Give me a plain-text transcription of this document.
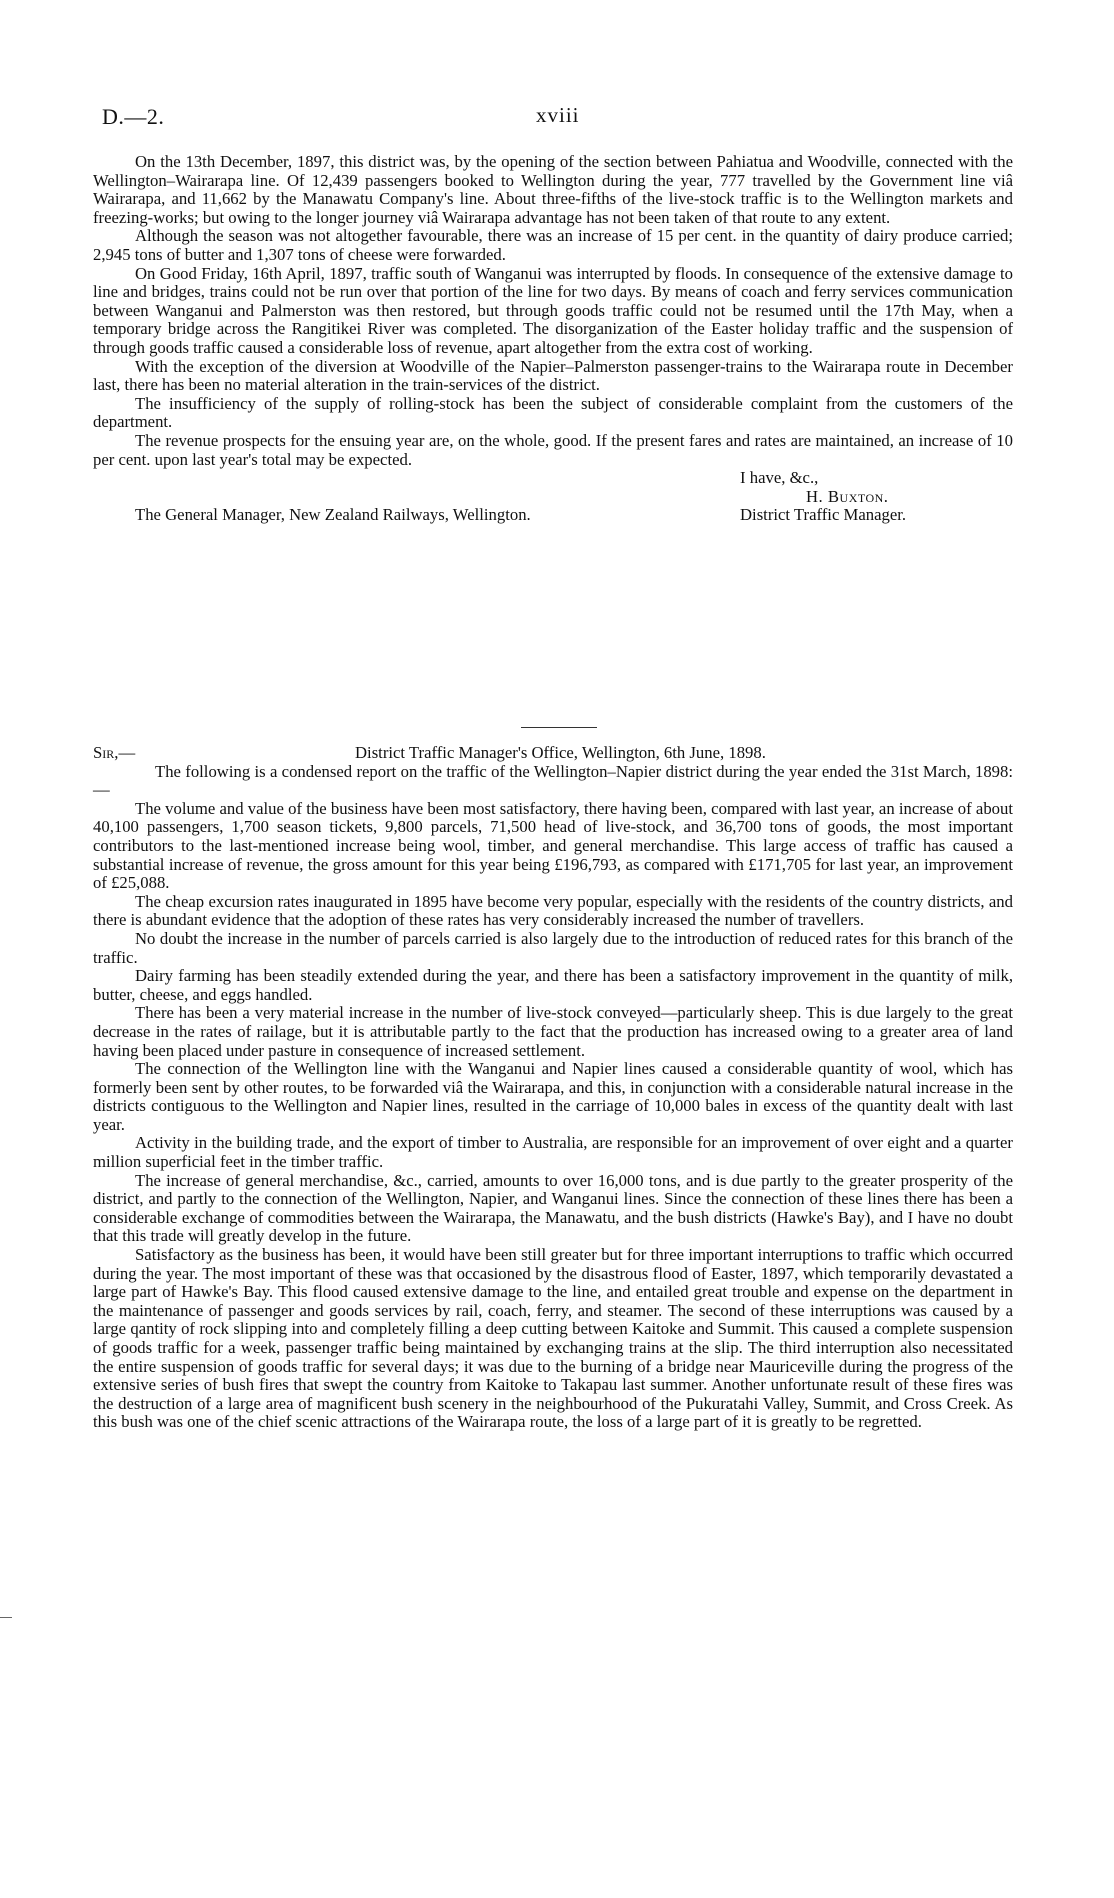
D.—2.	xviii

On the 13th December, 1897, this district was, by the opening of the section between Pahiatua and Woodville, connected with the Wellington–Wairarapa line. Of 12,439 passengers booked to Wellington during the year, 777 travelled by the Government line viâ Wairarapa, and 11,662 by the Manawatu Company's line. About three-fifths of the live-stock traffic is to the Wellington markets and freezing-works; but owing to the longer journey viâ Wairarapa advantage has not been taken of that route to any extent.

Although the season was not altogether favourable, there was an increase of 15 per cent. in the quantity of dairy produce carried; 2,945 tons of butter and 1,307 tons of cheese were forwarded.

On Good Friday, 16th April, 1897, traffic south of Wanganui was interrupted by floods. In consequence of the extensive damage to line and bridges, trains could not be run over that portion of the line for two days. By means of coach and ferry services communication between Wanganui and Palmerston was then restored, but through goods traffic could not be resumed until the 17th May, when a temporary bridge across the Rangitikei River was completed. The disorganization of the Easter holiday traffic and the suspension of through goods traffic caused a considerable loss of revenue, apart altogether from the extra cost of working.

With the exception of the diversion at Woodville of the Napier–Palmerston passenger-trains to the Wairarapa route in December last, there has been no material alteration in the train-services of the district.

The insufficiency of the supply of rolling-stock has been the subject of considerable complaint from the customers of the department.

The revenue prospects for the ensuing year are, on the whole, good. If the present fares and rates are maintained, an increase of 10 per cent. upon last year's total may be expected.

I have, &c.,
H. Buxton.
The General Manager, New Zealand Railways, Wellington.	District Traffic Manager.
Sir,—	District Traffic Manager's Office, Wellington, 6th June, 1898.

The following is a condensed report on the traffic of the Wellington–Napier district during the year ended the 31st March, 1898:—

The volume and value of the business have been most satisfactory, there having been, compared with last year, an increase of about 40,100 passengers, 1,700 season tickets, 9,800 parcels, 71,500 head of live-stock, and 36,700 tons of goods, the most important contributors to the last-mentioned increase being wool, timber, and general merchandise. This large access of traffic has caused a substantial increase of revenue, the gross amount for this year being £196,793, as compared with £171,705 for last year, an improvement of £25,088.

The cheap excursion rates inaugurated in 1895 have become very popular, especially with the residents of the country districts, and there is abundant evidence that the adoption of these rates has very considerably increased the number of travellers.

No doubt the increase in the number of parcels carried is also largely due to the introduction of reduced rates for this branch of the traffic.

Dairy farming has been steadily extended during the year, and there has been a satisfactory improvement in the quantity of milk, butter, cheese, and eggs handled.

There has been a very material increase in the number of live-stock conveyed—particularly sheep. This is due largely to the great decrease in the rates of railage, but it is attributable partly to the fact that the production has increased owing to a greater area of land having been placed under pasture in consequence of increased settlement.

The connection of the Wellington line with the Wanganui and Napier lines caused a considerable quantity of wool, which has formerly been sent by other routes, to be forwarded viâ the Wairarapa, and this, in conjunction with a considerable natural increase in the districts contiguous to the Wellington and Napier lines, resulted in the carriage of 10,000 bales in excess of the quantity dealt with last year.

Activity in the building trade, and the export of timber to Australia, are responsible for an improvement of over eight and a quarter million superficial feet in the timber traffic.

The increase of general merchandise, &c., carried, amounts to over 16,000 tons, and is due partly to the greater prosperity of the district, and partly to the connection of the Wellington, Napier, and Wanganui lines. Since the connection of these lines there has been a considerable exchange of commodities between the Wairarapa, the Manawatu, and the bush districts (Hawke's Bay), and I have no doubt that this trade will greatly develop in the future.

Satisfactory as the business has been, it would have been still greater but for three important interruptions to traffic which occurred during the year. The most important of these was that occasioned by the disastrous flood of Easter, 1897, which temporarily devastated a large part of Hawke's Bay. This flood caused extensive damage to the line, and entailed great trouble and expense on the department in the maintenance of passenger and goods services by rail, coach, ferry, and steamer. The second of these interruptions was caused by a large qantity of rock slipping into and completely filling a deep cutting between Kaitoke and Summit. This caused a complete suspension of goods traffic for a week, passenger traffic being maintained by exchanging trains at the slip. The third interruption also necessitated the entire suspension of goods traffic for several days; it was due to the burning of a bridge near Mauriceville during the progress of the extensive series of bush fires that swept the country from Kaitoke to Takapau last summer. Another unfortunate result of these fires was the destruction of a large area of magnificent bush scenery in the neighbourhood of the Pukuratahi Valley, Summit, and Cross Creek. As this bush was one of the chief scenic attractions of the Wairarapa route, the loss of a large part of it is greatly to be regretted.
